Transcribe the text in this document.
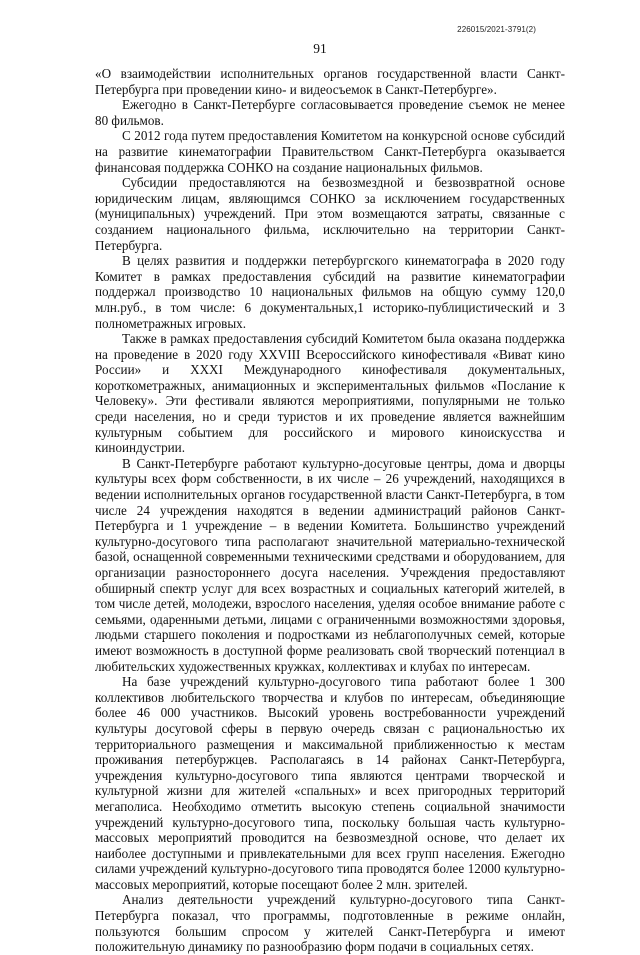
226015/2021-3791(2)
91

«О взаимодействии исполнительных органов государственной власти Санкт-Петербурга при проведении кино- и видеосъемок в Санкт-Петербурге».

Ежегодно в Санкт-Петербурге согласовывается проведение съемок не менее 80 фильмов.

С 2012 года путем предоставления Комитетом на конкурсной основе субсидий на развитие кинематографии Правительством Санкт-Петербурга оказывается финансовая поддержка СОНКО на создание национальных фильмов.

Субсидии предоставляются на безвозмездной и безвозвратной основе юридическим лицам, являющимся СОНКО за исключением государственных (муниципальных) учреждений. При этом возмещаются затраты, связанные с созданием национального фильма, исключительно на территории Санкт-Петербурга.

В целях развития и поддержки петербургского кинематографа в 2020 году Комитет в рамках предоставления субсидий на развитие кинематографии поддержал производство 10 национальных фильмов на общую сумму 120,0 млн.руб., в том числе: 6 документальных,1 историко-публицистический и 3 полнометражных игровых.

Также в рамках предоставления субсидий Комитетом была оказана поддержка на проведение в 2020 году XXVIII Всероссийского кинофестиваля «Виват кино России» и XXXI Международного кинофестиваля документальных, короткометражных, анимационных и экспериментальных фильмов «Послание к Человеку». Эти фестивали являются мероприятиями, популярными не только среди населения, но и среди туристов и их проведение является важнейшим культурным событием для российского и мирового киноискусства и киноиндустрии.

В Санкт-Петербурге работают культурно-досуговые центры, дома и дворцы культуры всех форм собственности, в их числе – 26 учреждений, находящихся в ведении исполнительных органов государственной власти Санкт-Петербурга, в том числе 24 учреждения находятся в ведении администраций районов Санкт-Петербурга и 1 учреждение – в ведении Комитета. Большинство учреждений культурно-досугового типа располагают значительной материально-технической базой, оснащенной современными техническими средствами и оборудованием, для организации разностороннего досуга населения. Учреждения предоставляют обширный спектр услуг для всех возрастных и социальных категорий жителей, в том числе детей, молодежи, взрослого населения, уделяя особое внимание работе с семьями, одаренными детьми, лицами с ограниченными возможностями здоровья, людьми старшего поколения и подростками из неблагополучных семей, которые имеют возможность в доступной форме реализовать свой творческий потенциал в любительских художественных кружках, коллективах и клубах по интересам.

На базе учреждений культурно-досугового типа работают более 1 300 коллективов любительского творчества и клубов по интересам, объединяющие более 46 000 участников. Высокий уровень востребованности учреждений культуры досуговой сферы в первую очередь связан с рациональностью их территориального размещения и максимальной приближенностью к местам проживания петербуржцев. Располагаясь в 14 районах Санкт-Петербурга, учреждения культурно-досугового типа являются центрами творческой и культурной жизни для жителей «спальных» и всех пригородных территорий мегаполиса. Необходимо отметить высокую степень социальной значимости учреждений культурно-досугового типа, поскольку большая часть культурно-массовых мероприятий проводится на безвозмездной основе, что делает их наиболее доступными и привлекательными для всех групп населения. Ежегодно силами учреждений культурно-досугового типа проводятся более 12000 культурно-массовых мероприятий, которые посещают более 2 млн. зрителей.

Анализ деятельности учреждений культурно-досугового типа Санкт-Петербурга показал, что программы, подготовленные в режиме онлайн, пользуются большим спросом у жителей Санкт-Петербурга и имеют положительную динамику по разнообразию форм подачи в социальных сетях.
